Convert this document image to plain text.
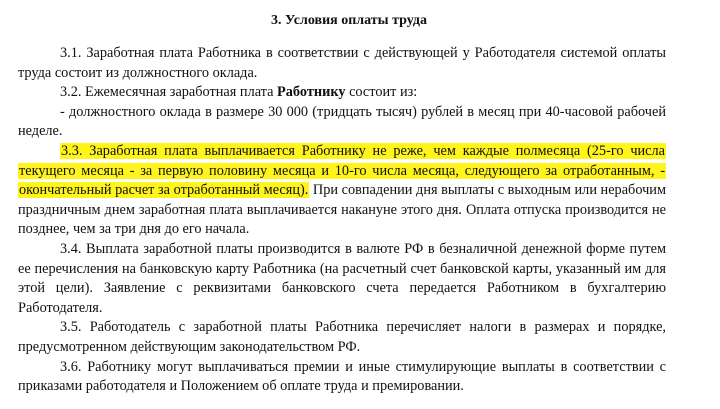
3. Условия оплаты труда

3.1. Заработная плата Работника в соответствии с действующей у Работодателя системой оплаты труда состоит из должностного оклада.

3.2. Ежемесячная заработная плата Работнику состоит из:

- должностного оклада в размере 30 000 (тридцать тысяч) рублей в месяц при 40-часовой рабочей неделе.

3.3. Заработная плата выплачивается Работнику не реже, чем каждые полмесяца (25-го числа текущего месяца - за первую половину месяца и 10-го числа месяца, следующего за отработанным, - окончательный расчет за отработанный месяц). При совпадении дня выплаты с выходным или нерабочим праздничным днем заработная плата выплачивается накануне этого дня. Оплата отпуска производится не позднее, чем за три дня до его начала.

3.4. Выплата заработной платы производится в валюте РФ в безналичной денежной форме путем ее перечисления на банковскую карту Работника (на расчетный счет банковской карты, указанный им для этой цели). Заявление с реквизитами банковского счета передается Работником в бухгалтерию Работодателя.

3.5. Работодатель с заработной платы Работника перечисляет налоги в размерах и порядке, предусмотренном действующим законодательством РФ.

3.6. Работнику могут выплачиваться премии и иные стимулирующие выплаты в соответствии с приказами работодателя и Положением об оплате труда и премировании.
